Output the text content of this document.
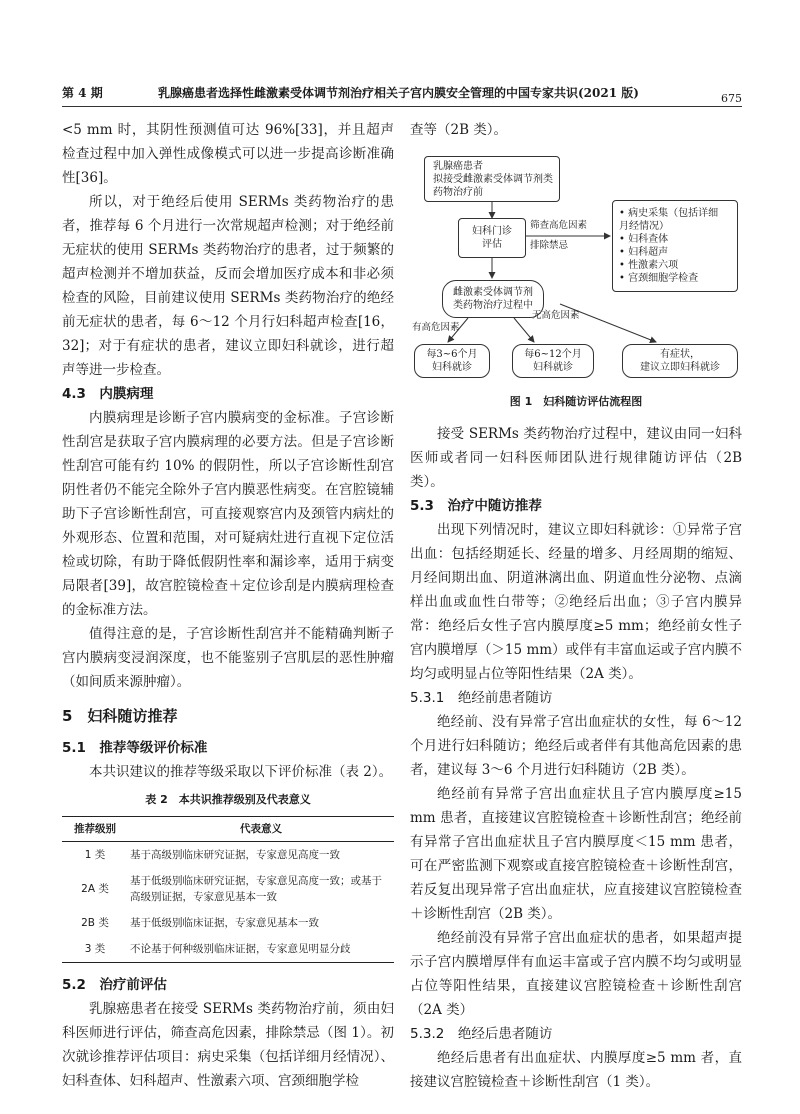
第 4 期	乳腺癌患者选择性雌激素受体调节剂治疗相关子宫内膜安全管理的中国专家共识(2021 版)	675

<5 mm 时，其阴性预测值可达 96%[33]，并且超声检查过程中加入弹性成像模式可以进一步提高诊断准确性[36]。

所以，对于绝经后使用 SERMs 类药物治疗的患者，推荐每 6 个月进行一次常规超声检测；对于绝经前无症状的使用 SERMs 类药物治疗的患者，过于频繁的超声检测并不增加获益，反而会增加医疗成本和非必须检查的风险，目前建议使用 SERMs 类药物治疗的绝经前无症状的患者，每 6～12 个月行妇科超声检查[16，32]；对于有症状的患者，建议立即妇科就诊，进行超声等进一步检查。

4.3　内膜病理

内膜病理是诊断子宫内膜病变的金标准。子宫诊断性刮宫是获取子宫内膜病理的必要方法。但是子宫诊断性刮宫可能有约 10% 的假阴性，所以子宫诊断性刮宫阴性者仍不能完全除外子宫内膜恶性病变。在宫腔镜辅助下子宫诊断性刮宫，可直接观察宫内及颈管内病灶的外观形态、位置和范围，对可疑病灶进行直视下定位活检或切除，有助于降低假阴性率和漏诊率，适用于病变局限者[39]，故宫腔镜检查＋定位诊刮是内膜病理检查的金标准方法。

值得注意的是，子宫诊断性刮宫并不能精确判断子宫内膜病变浸润深度，也不能鉴别子宫肌层的恶性肿瘤（如间质来源肿瘤）。

5　妇科随访推荐

5.1　推荐等级评价标准

本共识建议的推荐等级采取以下评价标准（表 2）。

表 2　本共识推荐级别及代表意义
推荐级别	代表意义
1 类	基于高级别临床研究证据，专家意见高度一致
2A 类	基于低级别临床研究证据，专家意见高度一致；或基于高级别证据，专家意见基本一致
2B 类	基于低级别临床证据，专家意见基本一致
3 类	不论基于何种级别临床证据，专家意见明显分歧

5.2　治疗前评估

乳腺癌患者在接受 SERMs 类药物治疗前，须由妇科医师进行评估，筛查高危因素，排除禁忌（图 1）。初次就诊推荐评估项目：病史采集（包括详细月经情况）、妇科查体、妇科超声、性激素六项、宫颈细胞学检

查等（2B 类）。

乳腺癌患者
拟接受雌激素受体调节剂类药物治疗前
妇科门诊
评估
筛查高危因素
排除禁忌
• 病史采集（包括详细
月经情况）
• 妇科查体
• 妇科超声
• 性激素六项
• 宫颈细胞学检查
雌激素受体调节剂
类药物治疗过程中
有高危因素
无高危因素
每3~6个月
妇科就诊
每6~12个月
妇科就诊
有症状，
建议立即妇科就诊
图 1　妇科随访评估流程图

接受 SERMs 类药物治疗过程中，建议由同一妇科医师或者同一妇科医师团队进行规律随访评估（2B 类）。

5.3　治疗中随访推荐

出现下列情况时，建议立即妇科就诊：①异常子宫出血：包括经期延长、经量的增多、月经周期的缩短、月经间期出血、阴道淋漓出血、阴道血性分泌物、点滴样出血或血性白带等；②绝经后出血；③子宫内膜异常：绝经后女性子宫内膜厚度≥5 mm；绝经前女性子宫内膜增厚（＞15 mm）或伴有丰富血运或子宫内膜不均匀或明显占位等阳性结果（2A 类）。

5.3.1　绝经前患者随访

绝经前、没有异常子宫出血症状的女性，每 6～12 个月进行妇科随访；绝经后或者伴有其他高危因素的患者，建议每 3～6 个月进行妇科随访（2B 类）。

绝经前有异常子宫出血症状且子宫内膜厚度≥15 mm 患者，直接建议宫腔镜检查＋诊断性刮宫；绝经前有异常子宫出血症状且子宫内膜厚度＜15 mm 患者，可在严密监测下观察或直接宫腔镜检查＋诊断性刮宫，若反复出现异常子宫出血症状，应直接建议宫腔镜检查＋诊断性刮宫（2B 类）。

绝经前没有异常子宫出血症状的患者，如果超声提示子宫内膜增厚伴有血运丰富或子宫内膜不均匀或明显占位等阳性结果，直接建议宫腔镜检查＋诊断性刮宫（2A 类）

5.3.2　绝经后患者随访

绝经后患者有出血症状、内膜厚度≥5 mm 者，直接建议宫腔镜检查＋诊断性刮宫（1 类）。
